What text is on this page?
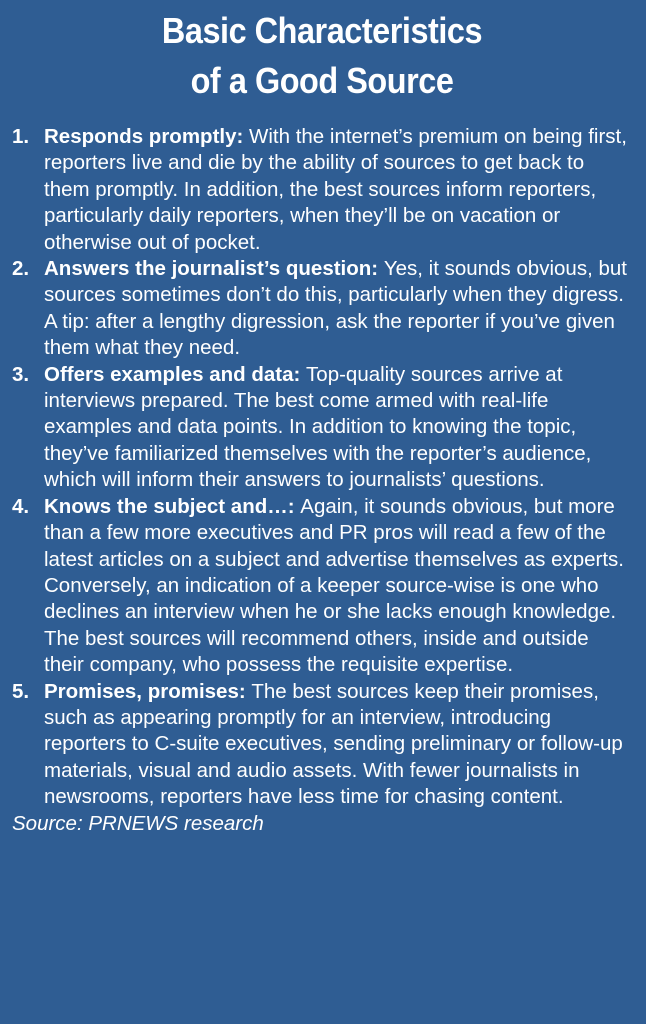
Basic Characteristics
of a Good Source
1. Responds promptly: With the internet’s premium on being first, reporters live and die by the ability of sources to get back to them promptly. In addition, the best sources inform reporters, particularly daily reporters, when they’ll be on vacation or otherwise out of pocket.
2. Answers the journalist’s question: Yes, it sounds obvious, but sources sometimes don’t do this, particularly when they digress. A tip: after a lengthy digression, ask the reporter if you’ve given them what they need.
3. Offers examples and data: Top-quality sources arrive at interviews prepared. The best come armed with real-life examples and data points. In addition to knowing the topic, they’ve familiarized themselves with the reporter’s audience, which will inform their answers to journalists’ questions.
4. Knows the subject and…: Again, it sounds obvious, but more than a few more executives and PR pros will read a few of the latest articles on a subject and advertise themselves as experts. Conversely, an indication of a keeper source-wise is one who declines an interview when he or she lacks enough knowledge. The best sources will recommend others, inside and outside their company, who possess the requisite expertise.
5. Promises, promises: The best sources keep their promises, such as appearing promptly for an interview, introducing reporters to C-suite executives, sending preliminary or follow-up materials, visual and audio assets. With fewer journalists in newsrooms, reporters have less time for chasing content.
Source: PRNEWS research
